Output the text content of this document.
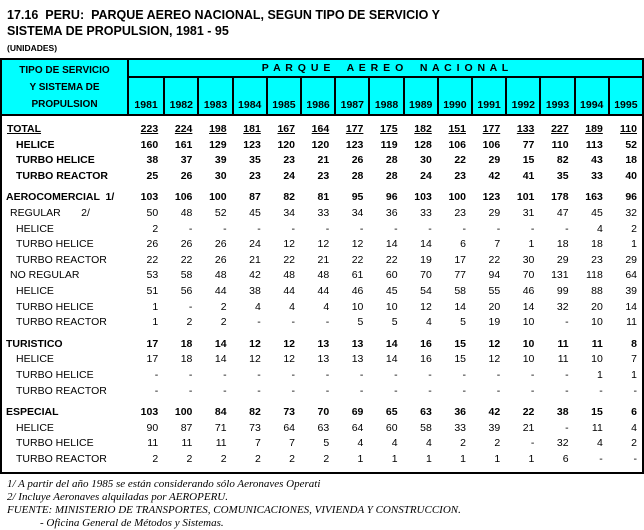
17.16  PERU:  PARQUE AEREO NACIONAL, SEGUN TIPO DE SERVICIO Y
SISTEMA DE PROPULSION, 1981 - 95
(UNIDADES)
TIPO DE SERVICIO
Y SISTEMA DE
PROPULSION
P A R Q U E    A E R E O    N A C I O N A L
1981	1982	1983	1984	1985	1986	1987	1988	1989	1990	1991	1992	1993	1994	1995
TOTAL	223	224	198	181	167	164	177	175	182	151	177	133	227	189	110
HELICE	160	161	129	123	120	120	123	119	128	106	106	77	110	113	52
TURBO HELICE	38	37	39	35	23	21	26	28	30	22	29	15	82	43	18
TURBO REACTOR	25	26	30	23	24	23	28	28	24	23	42	41	35	33	40
AEROCOMERCIAL  1/	103	106	100	87	82	81	95	96	103	100	123	101	178	163	96
REGULAR       2/	50	48	52	45	34	33	34	36	33	23	29	31	47	45	32
HELICE	2	-	-	-	-	-	-	-	-	-	-	-	-	4	2
TURBO HELICE	26	26	26	24	12	12	12	14	14	6	7	1	18	18	1
TURBO REACTOR	22	22	26	21	22	21	22	22	19	17	22	30	29	23	29
NO REGULAR	53	58	48	42	48	48	61	60	70	77	94	70	131	118	64
HELICE	51	56	44	38	44	44	46	45	54	58	55	46	99	88	39
TURBO HELICE	1	-	2	4	4	4	10	10	12	14	20	14	32	20	14
TURBO REACTOR	1	2	2	-	-	-	5	5	4	5	19	10	-	10	11
TURISTICO	17	18	14	12	12	13	13	14	16	15	12	10	11	11	8
HELICE	17	18	14	12	12	13	13	14	16	15	12	10	11	10	7
TURBO HELICE	-	-	-	-	-	-	-	-	-	-	-	-	-	1	1
TURBO REACTOR	-	-	-	-	-	-	-	-	-	-	-	-	-	-	-
ESPECIAL	103	100	84	82	73	70	69	65	63	36	42	22	38	15	6
HELICE	90	87	71	73	64	63	64	60	58	33	39	21	-	11	4
TURBO HELICE	11	11	11	7	7	5	4	4	4	2	2	-	32	4	2
TURBO REACTOR	2	2	2	2	2	2	1	1	1	1	1	1	6	-	-
1/ A partir del año 1985 se están considerando sólo Aeronaves Operati
2/ Incluye Aeronaves alquiladas por AEROPERU.
FUENTE: MINISTERIO DE TRANSPORTES, COMUNICACIONES, VIVIENDA Y CONSTRUCCION.
- Oficina General de Métodos y Sistemas.
